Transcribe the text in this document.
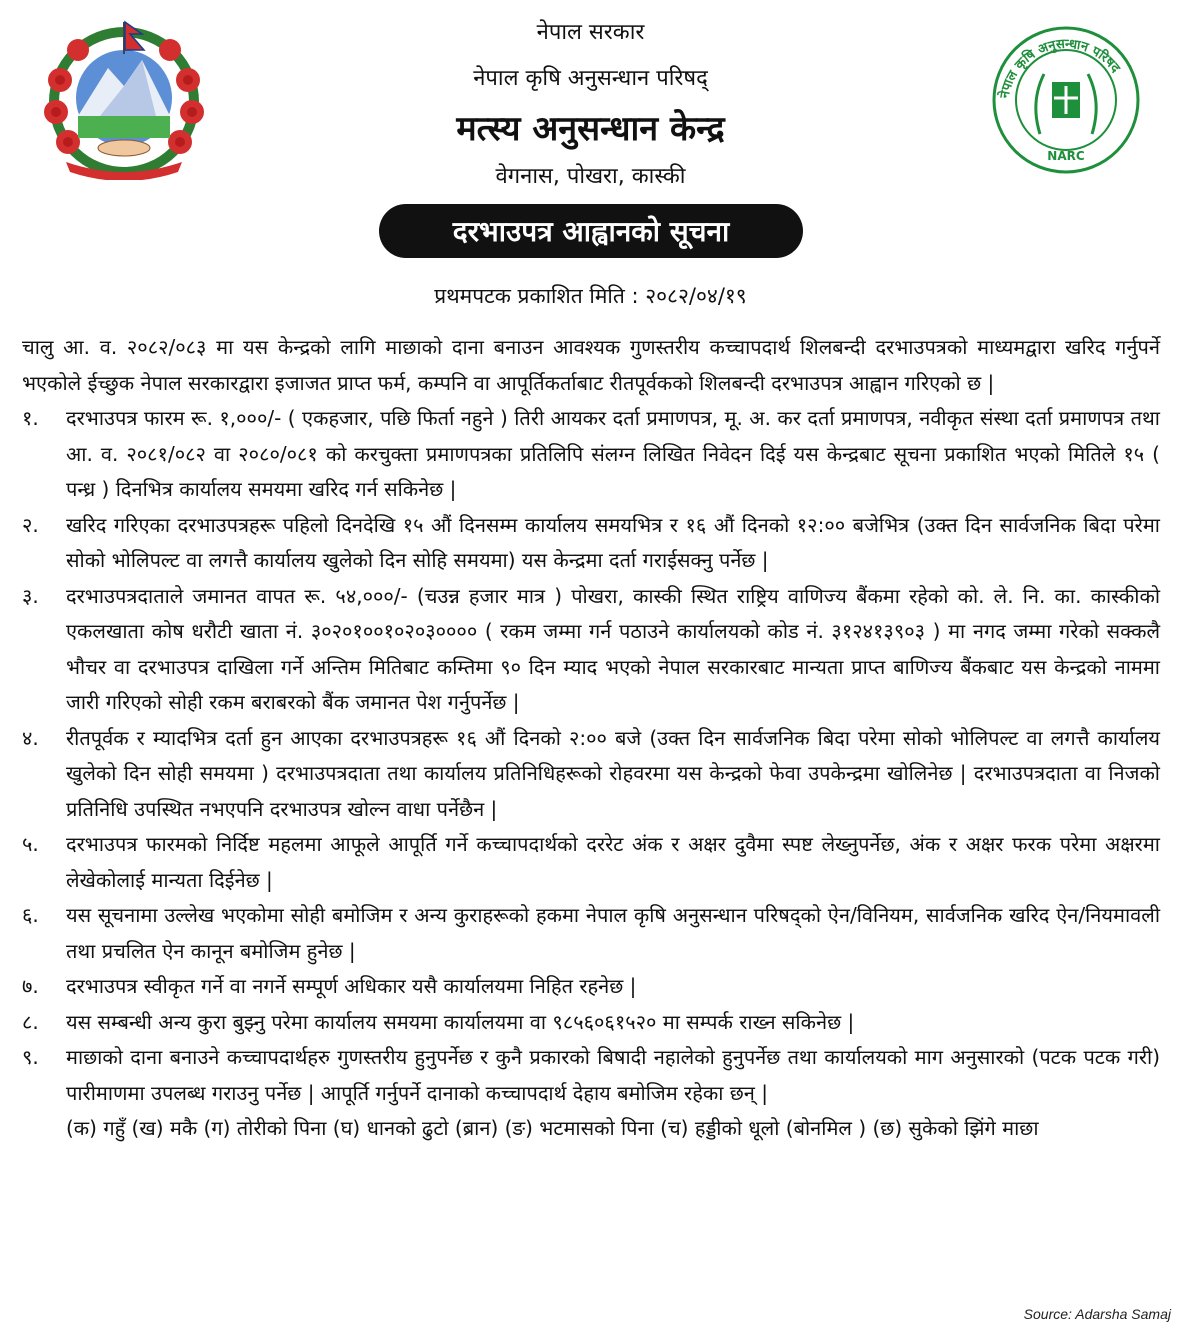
नेपाल सरकार
नेपाल कृषि अनुसन्धान परिषद्
मत्स्य अनुसन्धान केन्द्र
वेगनास, पोखरा, कास्की
नेपाल कृषि अनुसन्धान परिषद
NARC
दरभाउपत्र आह्वानको सूचना
प्रथमपटक प्रकाशित मिति : २०८२/०४/१९
चालु आ. व. २०८२/०८३ मा यस केन्द्रको लागि माछाको दाना बनाउन आवश्यक गुणस्तरीय कच्चापदार्थ शिलबन्दी दरभाउपत्रको माध्यमद्वारा खरिद गर्नुपर्ने भएकोले ईच्छुक नेपाल सरकारद्वारा इजाजत प्राप्त फर्म, कम्पनि वा आपूर्तिकर्ताबाट रीतपूर्वकको शिलबन्दी दरभाउपत्र आह्वान गरिएको छ |
१.	दरभाउपत्र फारम रू. १,०००/- ( एकहजार, पछि फिर्ता नहुने ) तिरी आयकर दर्ता प्रमाणपत्र, मू. अ. कर दर्ता प्रमाणपत्र, नवीकृत संस्था दर्ता प्रमाणपत्र तथा आ. व. २०८१/०८२ वा २०८०/०८१ को करचुक्ता प्रमाणपत्रका प्रतिलिपि संलग्न लिखित निवेदन दिई यस केन्द्रबाट सूचना प्रकाशित भएको मितिले १५ ( पन्ध्र ) दिनभित्र कार्यालय समयमा खरिद गर्न सकिनेछ |
२.	खरिद गरिएका दरभाउपत्रहरू पहिलो दिनदेखि १५ औं दिनसम्म कार्यालय समयभित्र र १६ औं दिनको १२:०० बजेभित्र (उक्त दिन सार्वजनिक बिदा परेमा सोको भोलिपल्ट वा लगत्तै कार्यालय खुलेको दिन सोहि समयमा) यस केन्द्रमा दर्ता गराईसक्नु पर्नेछ |
३.	दरभाउपत्रदाताले जमानत वापत रू. ५४,०००/- (चउन्न हजार मात्र ) पोखरा, कास्की स्थित राष्ट्रिय वाणिज्य बैंकमा रहेको को. ले. नि. का. कास्कीको एकलखाता कोष धरौटी खाता नं. ३०२०१००१०२०३०००० ( रकम जम्मा गर्न पठाउने कार्यालयको कोड नं. ३१२४१३९०३ ) मा नगद जम्मा गरेको सक्कलै भौचर वा दरभाउपत्र दाखिला गर्ने अन्तिम मितिबाट कम्तिमा ९० दिन म्याद भएको नेपाल सरकारबाट मान्यता प्राप्त बाणिज्य बैंकबाट यस केन्द्रको नाममा जारी गरिएको सोही रकम बराबरको बैंक जमानत पेश गर्नुपर्नेछ |
४.	रीतपूर्वक र म्यादभित्र दर्ता हुन आएका दरभाउपत्रहरू १६ औं दिनको २:०० बजे (उक्त दिन सार्वजनिक बिदा परेमा सोको भोलिपल्ट वा लगत्तै कार्यालय खुलेको दिन सोही समयमा ) दरभाउपत्रदाता तथा कार्यालय प्रतिनिधिहरूको रोहवरमा यस केन्द्रको फेवा उपकेन्द्रमा खोलिनेछ | दरभाउपत्रदाता वा निजको प्रतिनिधि उपस्थित नभएपनि दरभाउपत्र खोल्न वाधा पर्नेछैन |
५.	दरभाउपत्र फारमको निर्दिष्ट महलमा आफूले आपूर्ति गर्ने कच्चापदार्थको दररेट अंक र अक्षर दुवैमा स्पष्ट लेख्नुपर्नेछ, अंक र अक्षर फरक परेमा अक्षरमा लेखेकोलाई मान्यता दिईनेछ |
६.	यस सूचनामा उल्लेख भएकोमा सोही बमोजिम र अन्य कुराहरूको हकमा नेपाल कृषि अनुसन्धान परिषद्को ऐन/विनियम, सार्वजनिक खरिद ऐन/नियमावली तथा प्रचलित ऐन कानून बमोजिम हुनेछ |
७.	दरभाउपत्र स्वीकृत गर्ने वा नगर्ने सम्पूर्ण अधिकार यसै कार्यालयमा निहित रहनेछ |
८.	यस सम्बन्धी अन्य कुरा बुझ्नु परेमा कार्यालय समयमा कार्यालयमा वा ९८५६०६१५२० मा सम्पर्क राख्न सकिनेछ |
९.	माछाको दाना बनाउने कच्चापदार्थहरु गुणस्तरीय हुनुपर्नेछ र कुनै प्रकारको बिषादी नहालेको हुनुपर्नेछ तथा कार्यालयको माग अनुसारको (पटक पटक गरी) पारीमाणमा उपलब्ध गराउनु पर्नेछ | आपूर्ति गर्नुपर्ने दानाको कच्चापदार्थ देहाय बमोजिम रहेका छन् |
(क) गहुँ (ख) मकै (ग) तोरीको पिना (घ) धानको ढुटो (ब्रान) (ङ) भटमासको पिना (च) हड्डीको धूलो (बोनमिल ) (छ) सुकेको झिंगे माछा
Source: Adarsha Samaj
